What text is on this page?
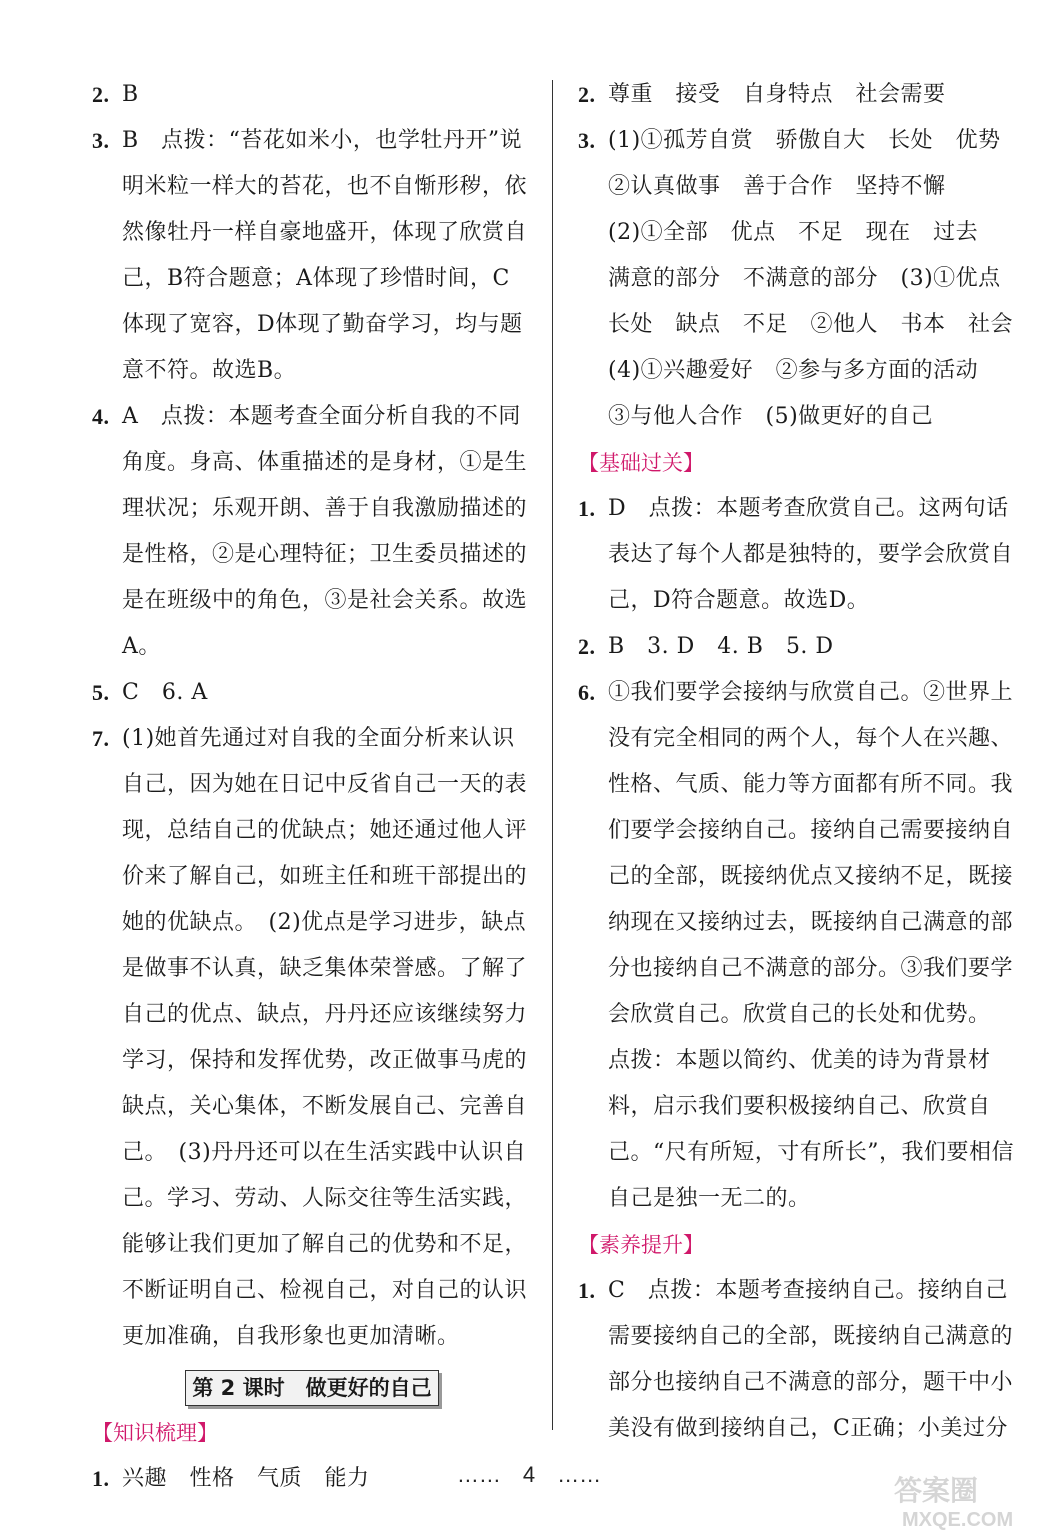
2. B
3. B　点拨：“苔花如米小，也学牡丹开”说明米粒一样大的苔花，也不自惭形秽，依然像牡丹一样自豪地盛开，体现了欣赏自己，B符合题意；A体现了珍惜时间，C体现了宽容，D体现了勤奋学习，均与题意不符。故选B。
4. A　点拨：本题考查全面分析自我的不同角度。身高、体重描述的是身材，①是生理状况；乐观开朗、善于自我激励描述的是性格，②是心理特征；卫生委员描述的是在班级中的角色，③是社会关系。故选A。
5. C　6. A
7. (1)她首先通过对自我的全面分析来认识自己，因为她在日记中反省自己一天的表现，总结自己的优缺点；她还通过他人评价来了解自己，如班主任和班干部提出的她的优缺点。　(2)优点是学习进步，缺点是做事不认真，缺乏集体荣誉感。了解了自己的优点、缺点，丹丹还应该继续努力学习，保持和发挥优势，改正做事马虎的缺点，关心集体，不断发展自己、完善自己。　(3)丹丹还可以在生活实践中认识自己。学习、劳动、人际交往等生活实践，能够让我们更加了解自己的优势和不足，不断证明自己、检视自己，对自己的认识更加准确，自我形象也更加清晰。
第 2 课时　做更好的自己
【知识梳理】
1. 兴趣　性格　气质　能力
2. 尊重　接受　自身特点　社会需要
3. (1)①孤芳自赏　骄傲自大　长处　优势　②认真做事　善于合作　坚持不懈　(2)①全部　优点　不足　现在　过去　满意的部分　不满意的部分　(3)①优点　长处　缺点　不足　②他人　书本　社会　(4)①兴趣爱好　②参与多方面的活动　③与他人合作　(5)做更好的自己
【基础过关】
1. D　点拨：本题考查欣赏自己。这两句话表达了每个人都是独特的，要学会欣赏自己，D符合题意。故选D。
2. B　3. D　4. B　5. D
6. ①我们要学会接纳与欣赏自己。②世界上没有完全相同的两个人，每个人在兴趣、性格、气质、能力等方面都有所不同。我们要学会接纳自己。接纳自己需要接纳自己的全部，既接纳优点又接纳不足，既接纳现在又接纳过去，既接纳自己满意的部分也接纳自己不满意的部分。③我们要学会欣赏自己。欣赏自己的长处和优势。　点拨：本题以简约、优美的诗为背景材料，启示我们要积极接纳自己、欣赏自己。“尺有所短，寸有所长”，我们要相信自己是独一无二的。
【素养提升】
1. C　点拨：本题考查接纳自己。接纳自己需要接纳自己的全部，既接纳自己满意的部分也接纳自己不满意的部分，题干中小美没有做到接纳自己，C正确；小美过分
……　4　……	答案圈
MXQE.COM
